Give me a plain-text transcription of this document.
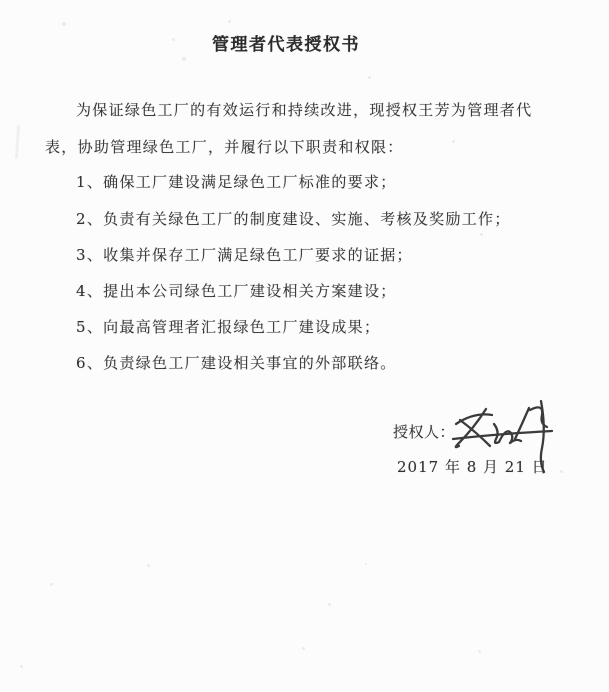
管理者代表授权书
为保证绿色工厂的有效运行和持续改进，现授权王芳为管理者代
表，协助管理绿色工厂，并履行以下职责和权限：
1、确保工厂建设满足绿色工厂标准的要求；
2、负责有关绿色工厂的制度建设、实施、考核及奖励工作；
3、收集并保存工厂满足绿色工厂要求的证据；
4、提出本公司绿色工厂建设相关方案建设；
5、向最高管理者汇报绿色工厂建设成果；
6、负责绿色工厂建设相关事宜的外部联络。
授权人：
2017 年 8 月 21 日
